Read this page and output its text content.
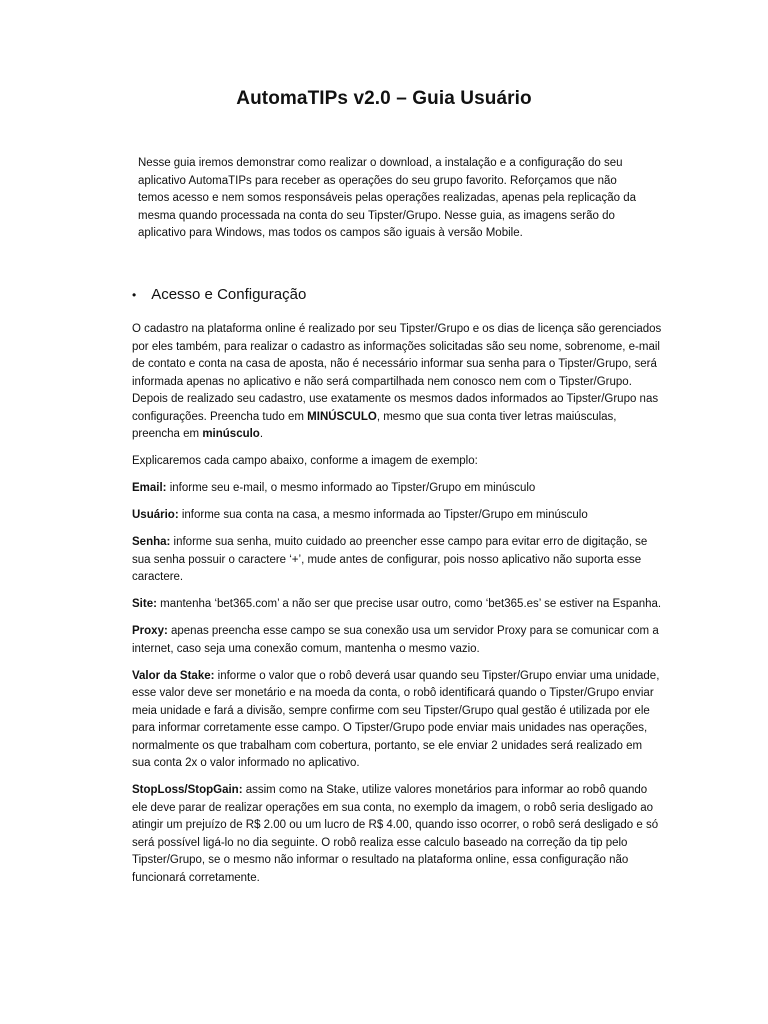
AutomaTIPs v2.0 – Guia Usuário
Nesse guia iremos demonstrar como realizar o download, a instalação e a configuração do seu aplicativo AutomaTIPs para receber as operações do seu grupo favorito. Reforçamos que não temos acesso e nem somos responsáveis pelas operações realizadas, apenas pela replicação da mesma quando processada na conta do seu Tipster/Grupo. Nesse guia, as imagens serão do aplicativo para Windows, mas todos os campos são iguais à versão Mobile.
• Acesso e Configuração

O cadastro na plataforma online é realizado por seu Tipster/Grupo e os dias de licença são gerenciados por eles também, para realizar o cadastro as informações solicitadas são seu nome, sobrenome, e-mail de contato e conta na casa de aposta, não é necessário informar sua senha para o Tipster/Grupo, será informada apenas no aplicativo e não será compartilhada nem conosco nem com o Tipster/Grupo. Depois de realizado seu cadastro, use exatamente os mesmos dados informados ao Tipster/Grupo nas configurações. Preencha tudo em MINÚSCULO, mesmo que sua conta tiver letras maiúsculas, preencha em minúsculo.

Explicaremos cada campo abaixo, conforme a imagem de exemplo:

Email: informe seu e-mail, o mesmo informado ao Tipster/Grupo em minúsculo

Usuário: informe sua conta na casa, a mesmo informada ao Tipster/Grupo em minúsculo

Senha: informe sua senha, muito cuidado ao preencher esse campo para evitar erro de digitação, se sua senha possuir o caractere ‘+’, mude antes de configurar, pois nosso aplicativo não suporta esse caractere.

Site: mantenha ‘bet365.com’ a não ser que precise usar outro, como ‘bet365.es’ se estiver na Espanha.

Proxy: apenas preencha esse campo se sua conexão usa um servidor Proxy para se comunicar com a internet, caso seja uma conexão comum, mantenha o mesmo vazio.

Valor da Stake: informe o valor que o robô deverá usar quando seu Tipster/Grupo enviar uma unidade, esse valor deve ser monetário e na moeda da conta, o robô identificará quando o Tipster/Grupo enviar meia unidade e fará a divisão, sempre confirme com seu Tipster/Grupo qual gestão é utilizada por ele para informar corretamente esse campo. O Tipster/Grupo pode enviar mais unidades nas operações, normalmente os que trabalham com cobertura, portanto, se ele enviar 2 unidades será realizado em sua conta 2x o valor informado no aplicativo.

StopLoss/StopGain: assim como na Stake, utilize valores monetários para informar ao robô quando ele deve parar de realizar operações em sua conta, no exemplo da imagem, o robô seria desligado ao atingir um prejuízo de R$ 2.00 ou um lucro de R$ 4.00, quando isso ocorrer, o robô será desligado e só será possível ligá-lo no dia seguinte. O robô realiza esse calculo baseado na correção da tip pelo Tipster/Grupo, se o mesmo não informar o resultado na plataforma online, essa configuração não funcionará corretamente.
